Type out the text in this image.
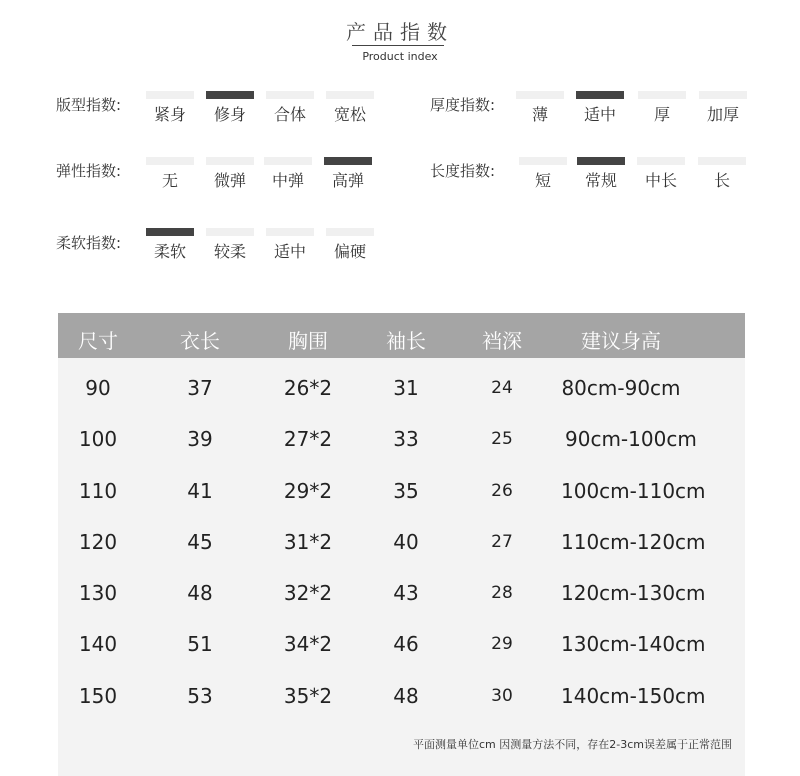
产品指数
Product index
版型指数:	紧身	修身	合体	宽松	厚度指数:	薄	适中	厚	加厚
弹性指数:	无	微弹	中弹	高弹	长度指数:	短	常规	中长	长
柔软指数:	柔软	较柔	适中	偏硬
尺寸	衣长	胸围	袖长	裆深	建议身高
90	37	26*2	31	24	80cm-90cm
100	39	27*2	33	25	90cm-100cm
110	41	29*2	35	26	100cm-110cm
120	45	31*2	40	27	110cm-120cm
130	48	32*2	43	28	120cm-130cm
140	51	34*2	46	29	130cm-140cm
150	53	35*2	48	30	140cm-150cm
平面测量单位cm 因测量方法不同，存在2-3cm误差属于正常范围
